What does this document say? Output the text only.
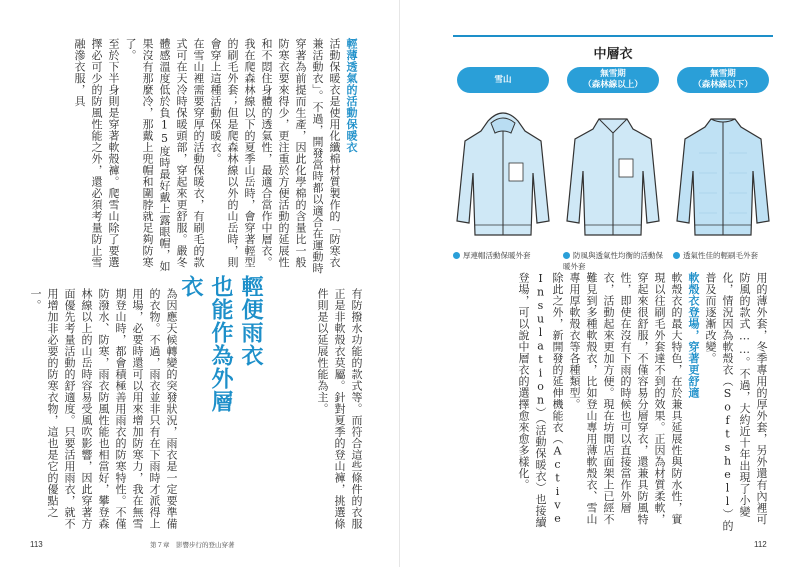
輕薄透氣的活動保暖衣

活動保暖衣是使用化纖棉材質製作的「防寒衣兼活動衣」。不過，開發當時都以適合在運動時穿著為前提而生產，因此化學棉的含量比一般防寒衣要來得少，更注重於方便活動的延展性和不悶住身體的透氣性，最適合當作中層衣。

我在爬森林線以下的夏季山岳時，會穿著輕型的刷毛外套；但是爬森林線以外的山岳時，則會穿上這種活動保暖衣。

在雪山裡需要穿厚的活動保暖衣，有刷毛的款式可在天冷時保暖頭部，穿起來更舒服。嚴冬體感溫度低於負15度時最好戴上露眼帽，如果沒有那麼冷，那戴上兜帽和圍脖就足夠防寒了。

至於下半身則是穿著軟殼褲。爬雪山除了要選擇必可少的防風性能之外，還必須考量防止雪融滲衣服，具

為因應天候轉變的突發狀況，雨衣是一定要準備的衣物。不過，雨衣並非只有在下雨時才派得上用場，必要時還可以用來增加防寒力，我在無雪期登山時，都會積極善用雨衣的防寒特性。不僅防潑水、防寒，雨衣防風性能也相當好，攀登森林線以上的山岳時容易受風吹影響，因此穿著方面優先考量活動的舒適度。只要活用雨衣，就不用增加非必要的防寒衣物，這也是它的優點之一。	輕便雨衣
也能作為外層衣

有防撥水功能的款式等。而符合這些條件的衣服正是非軟殼衣莫屬。針對夏季的登山褲，挑選條件則是以延展性能為主。

113	第７章　影響步行的登山穿著
中層衣
雪山
無雪期
（森林線以上）
無雪期
（森林線以下）
厚連帽活動保暖外套	防風與透氣性均衡的活動保暖外套
透氣性佳的輕刷毛外套

用的薄外套，冬季專用的厚外套，另外還有內裡可防風的款式……。不過，大約近十年出現了小變化，情況因為軟殼衣（Softshell）的普及而逐漸改變。

軟殼衣登場，穿著更舒適

軟殼衣的最大特色，在於兼具延展性與防水性，實現以往刷毛外套達不到的效果。正因為材質柔軟，穿起來很舒服，不僅容易分層穿衣，還兼具防風特性，即使在沒有下雨的時候也可以直接當作外層衣，活動起來更加方便。現在坊間店面架上已經不難見到多種軟殼衣，比如登山專用薄軟殼衣、雪山專用厚軟殼衣等各種類型。

除此之外，新開發的延伸機能衣（Active Insulation）（活動保暖衣）也接續登場，可以說中層衣的選擇愈來愈多樣化。

112
